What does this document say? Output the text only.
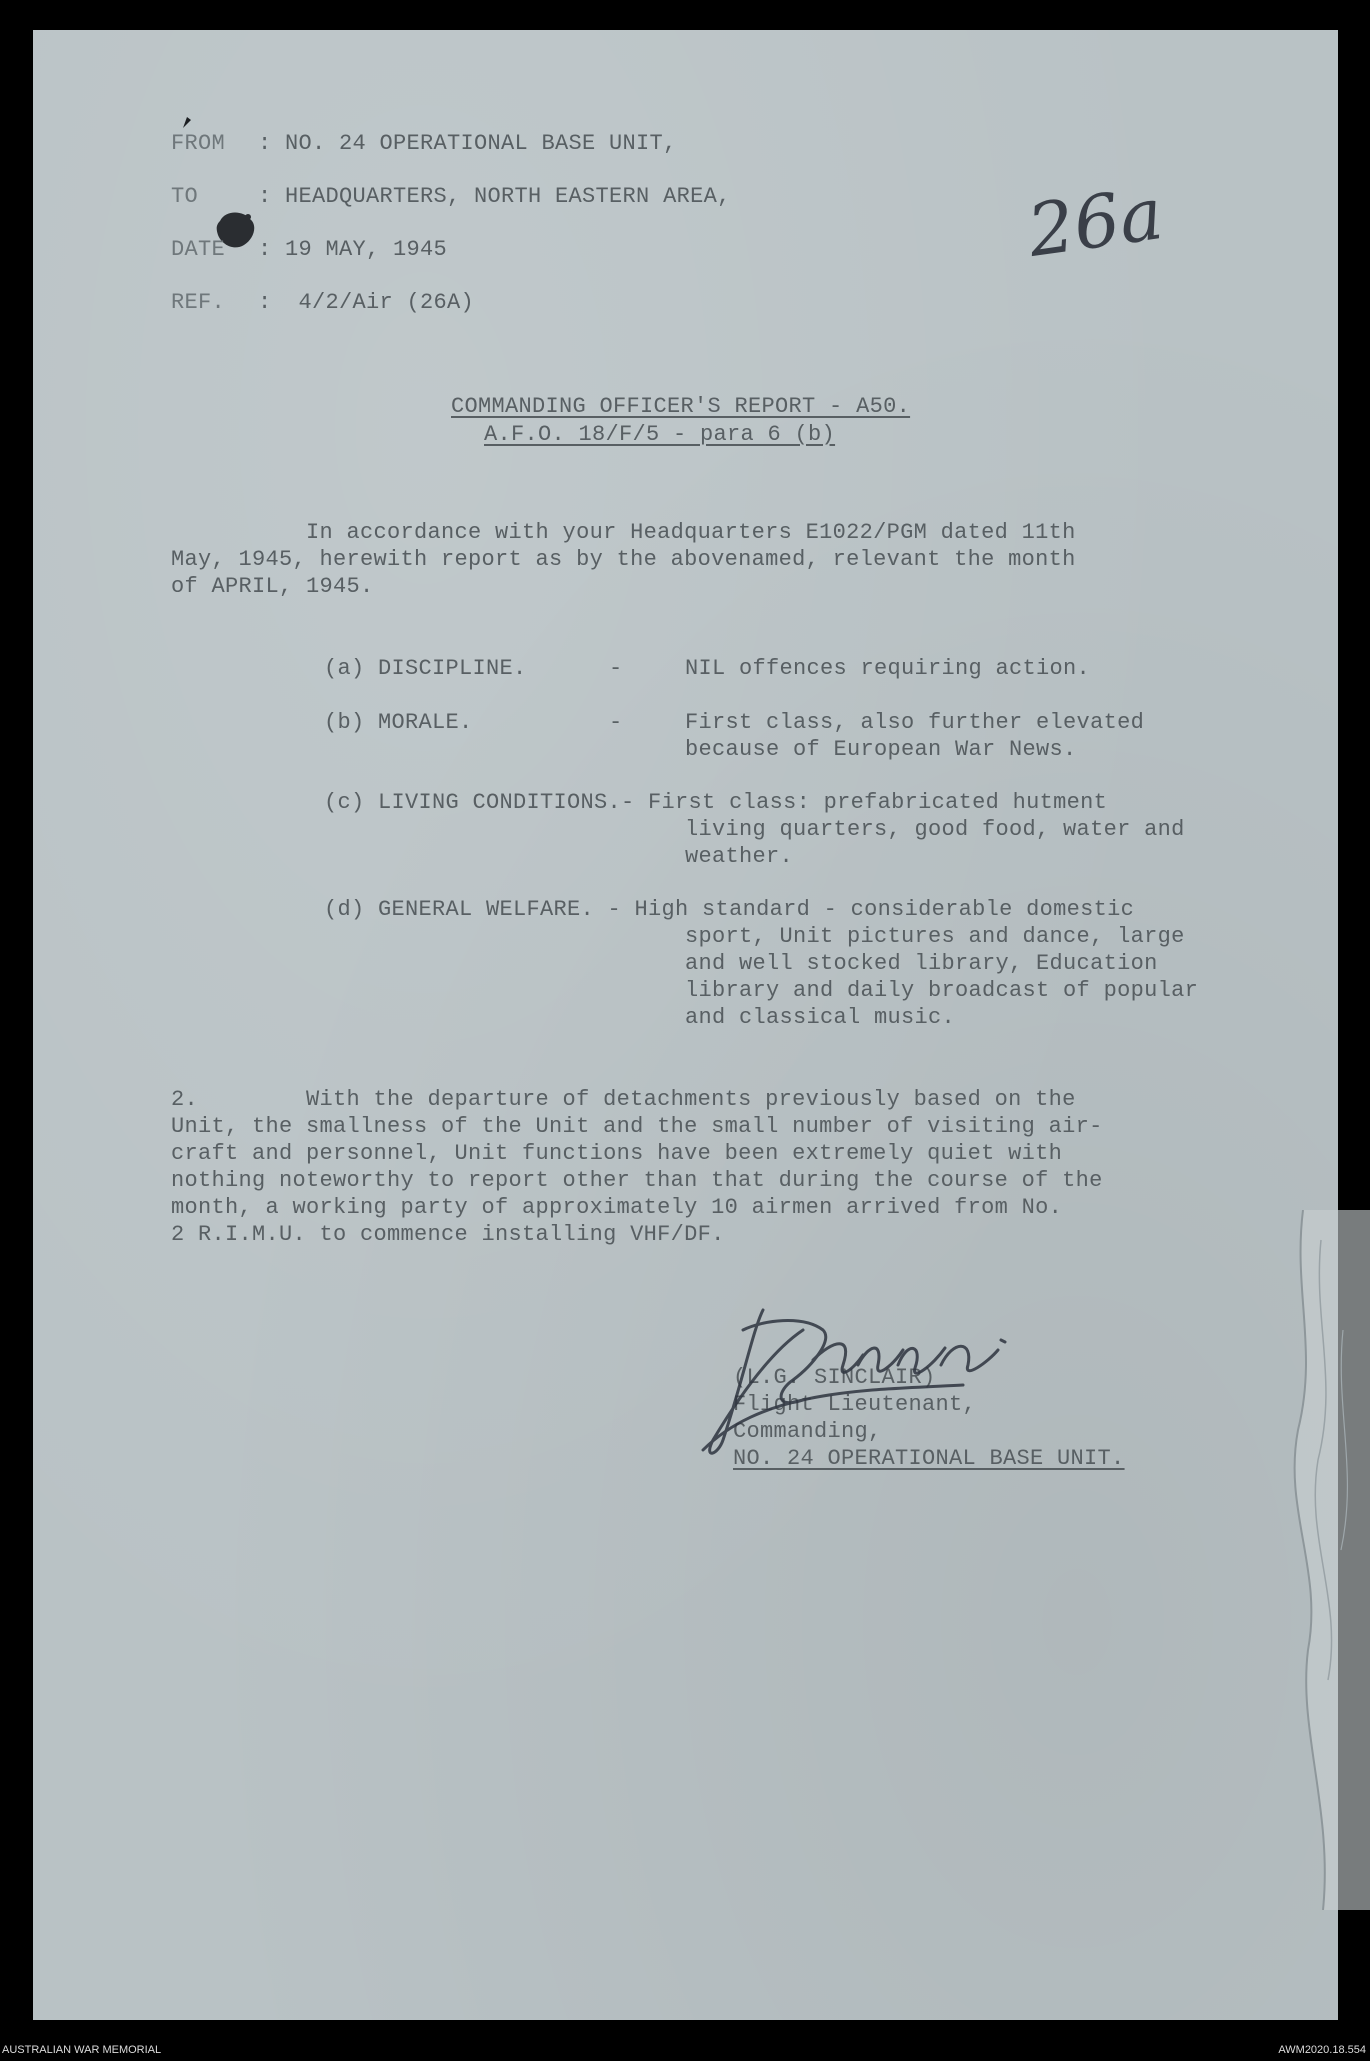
FROM : NO. 24 OPERATIONAL BASE UNIT,
TO	: HEADQUARTERS, NORTH EASTERN AREA,
DATE : 19 MAY, 1945
REF. :  4/2/Air (26A)
26a
COMMANDING OFFICER'S REPORT - A50.
A.F.O. 18/F/5 - para 6 (b)
In accordance with your Headquarters E1022/PGM dated 11th
May, 1945, herewith report as by the abovenamed, relevant the month
of APRIL, 1945.
(a) DISCIPLINE.	-	NIL offences requiring action.
(b) MORALE.	-	First class, also further elevated
because of European War News.
(c) LIVING CONDITIONS.- First class: prefabricated hutment
living quarters, good food, water and
weather.
(d) GENERAL WELFARE. - High standard - considerable domestic
sport, Unit pictures and dance, large
and well stocked library, Education
library and daily broadcast of popular
and classical music.
2.        With the departure of detachments previously based on the
Unit, the smallness of the Unit and the small number of visiting air-
craft and personnel, Unit functions have been extremely quiet with
nothing noteworthy to report other than that during the course of the
month, a working party of approximately 10 airmen arrived from No.
2 R.I.M.U. to commence installing VHF/DF.
(L.G. SINCLAIR)
Flight Lieutenant,
Commanding,
NO. 24 OPERATIONAL BASE UNIT.
AUSTRALIAN WAR MEMORIAL	AWM2020.18.554
